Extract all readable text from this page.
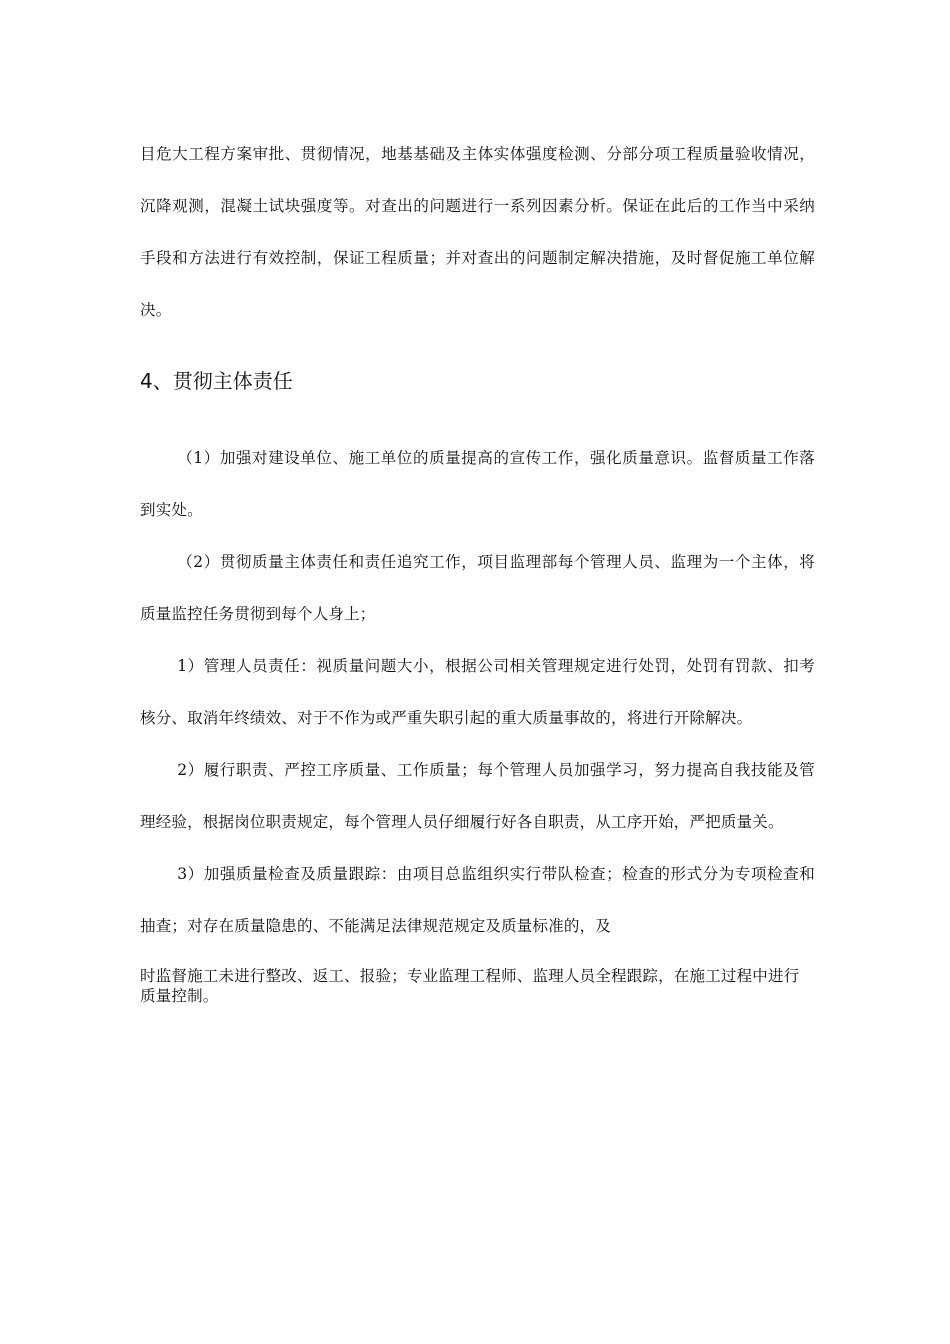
目危大工程方案审批、贯彻情况，地基基础及主体实体强度检测、分部分项工程质量验收情况，沉降观测，混凝土试块强度等。对查出的问题进行一系列因素分析。保证在此后的工作当中采纳手段和方法进行有效控制，保证工程质量；并对查出的问题制定解决措施，及时督促施工单位解决。

4、贯彻主体责任

（1）加强对建设单位、施工单位的质量提高的宣传工作，强化质量意识。监督质量工作落到实处。

（2）贯彻质量主体责任和责任追究工作，项目监理部每个管理人员、监理为一个主体，将质量监控任务贯彻到每个人身上；

1）管理人员责任：视质量问题大小，根据公司相关管理规定进行处罚，处罚有罚款、扣考核分、取消年终绩效、对于不作为或严重失职引起的重大质量事故的，将进行开除解决。

2）履行职责、严控工序质量、工作质量；每个管理人员加强学习，努力提高自我技能及管理经验，根据岗位职责规定，每个管理人员仔细履行好各自职责，从工序开始，严把质量关。

3）加强质量检查及质量跟踪：由项目总监组织实行带队检查；检查的形式分为专项检查和抽查；对存在质量隐患的、不能满足法律规范规定及质量标准的，及

时监督施工未进行整改、返工、报验；专业监理工程师、监理人员全程跟踪，在施工过程中进行质量控制。
